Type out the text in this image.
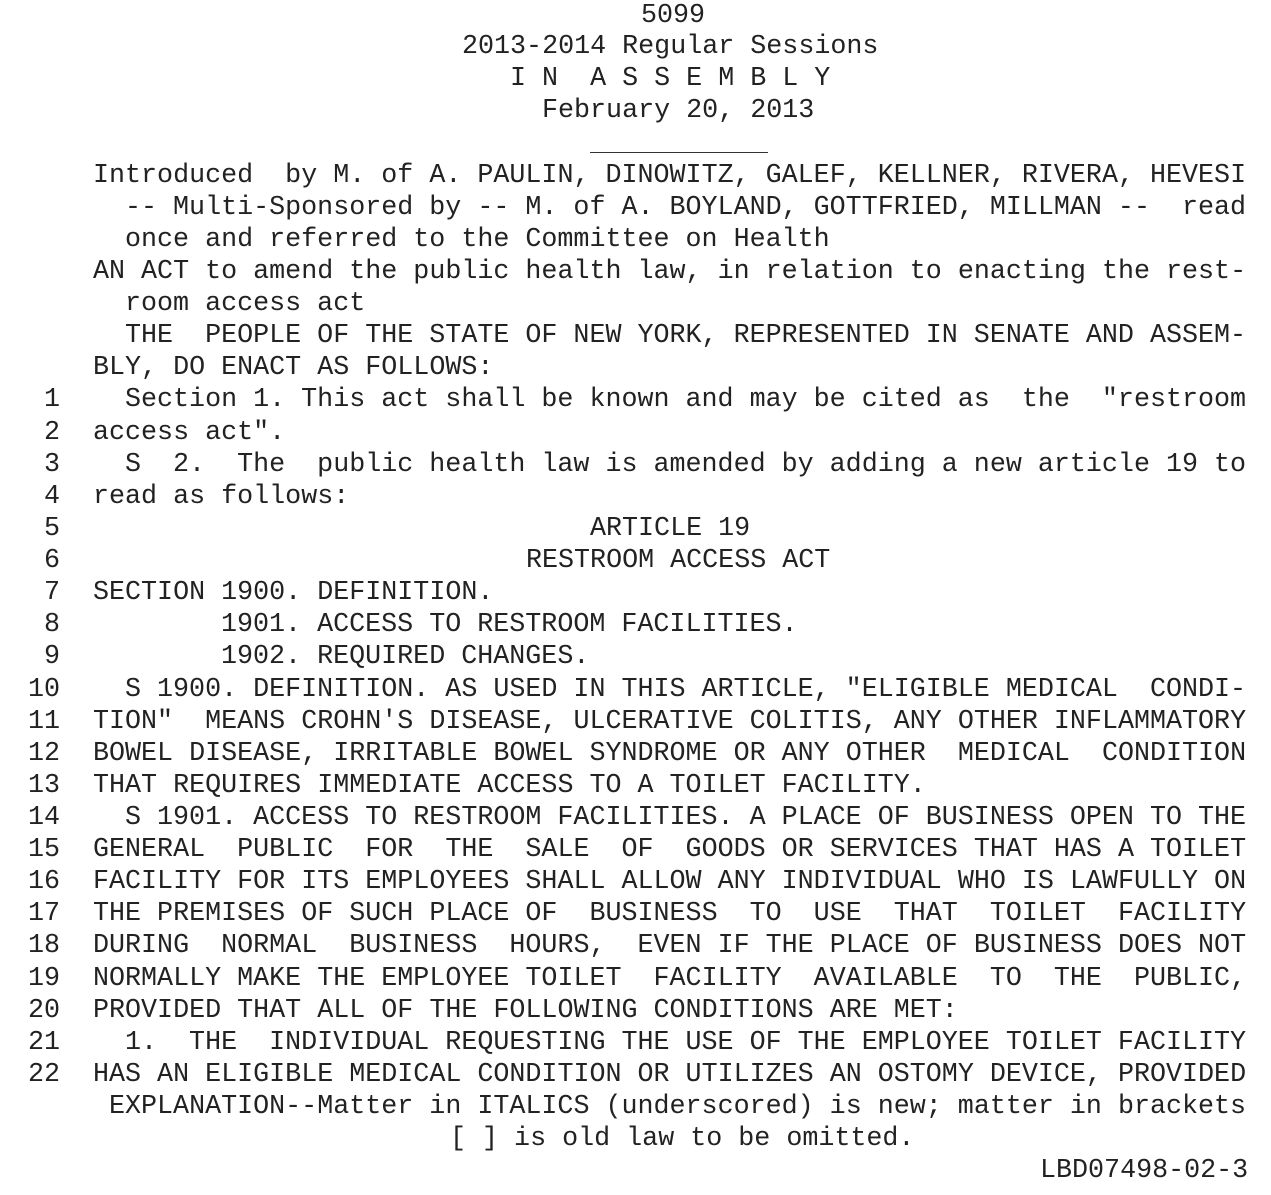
5099
2013-2014 Regular Sessions
I N  A S S E M B L Y
February 20, 2013
Introduced  by M. of A. PAULIN, DINOWITZ, GALEF, KELLNER, RIVERA, HEVESI
-- Multi-Sponsored by -- M. of A. BOYLAND, GOTTFRIED, MILLMAN --  read
once and referred to the Committee on Health
AN ACT to amend the public health law, in relation to enacting the rest-
room access act
THE  PEOPLE OF THE STATE OF NEW YORK, REPRESENTED IN SENATE AND ASSEM-
BLY, DO ENACT AS FOLLOWS:
1 Section 1. This act shall be known and may be cited as  the  "restroom
2 access act".
3 S  2.  The  public health law is amended by adding a new article 19 to
4 read as follows:
5	ARTICLE 19
6	RESTROOM ACCESS ACT
7 SECTION 1900. DEFINITION.
8	1901. ACCESS TO RESTROOM FACILITIES.
9	1902. REQUIRED CHANGES.
10 S 1900. DEFINITION. AS USED IN THIS ARTICLE, "ELIGIBLE MEDICAL  CONDI-
11 TION"  MEANS CROHN'S DISEASE, ULCERATIVE COLITIS, ANY OTHER INFLAMMATORY
12 BOWEL DISEASE, IRRITABLE BOWEL SYNDROME OR ANY OTHER  MEDICAL  CONDITION
13 THAT REQUIRES IMMEDIATE ACCESS TO A TOILET FACILITY.
14 S 1901. ACCESS TO RESTROOM FACILITIES. A PLACE OF BUSINESS OPEN TO THE
15 GENERAL  PUBLIC  FOR  THE  SALE  OF  GOODS OR SERVICES THAT HAS A TOILET
16 FACILITY FOR ITS EMPLOYEES SHALL ALLOW ANY INDIVIDUAL WHO IS LAWFULLY ON
17 THE PREMISES OF SUCH PLACE OF  BUSINESS  TO  USE  THAT  TOILET  FACILITY
18 DURING  NORMAL  BUSINESS  HOURS,  EVEN IF THE PLACE OF BUSINESS DOES NOT
19 NORMALLY MAKE THE EMPLOYEE TOILET  FACILITY  AVAILABLE  TO  THE  PUBLIC,
20 PROVIDED THAT ALL OF THE FOLLOWING CONDITIONS ARE MET:
21 1.  THE  INDIVIDUAL REQUESTING THE USE OF THE EMPLOYEE TOILET FACILITY
22 HAS AN ELIGIBLE MEDICAL CONDITION OR UTILIZES AN OSTOMY DEVICE, PROVIDED
EXPLANATION--Matter in ITALICS (underscored) is new; matter in brackets
[ ] is old law to be omitted.
LBD07498-02-3
